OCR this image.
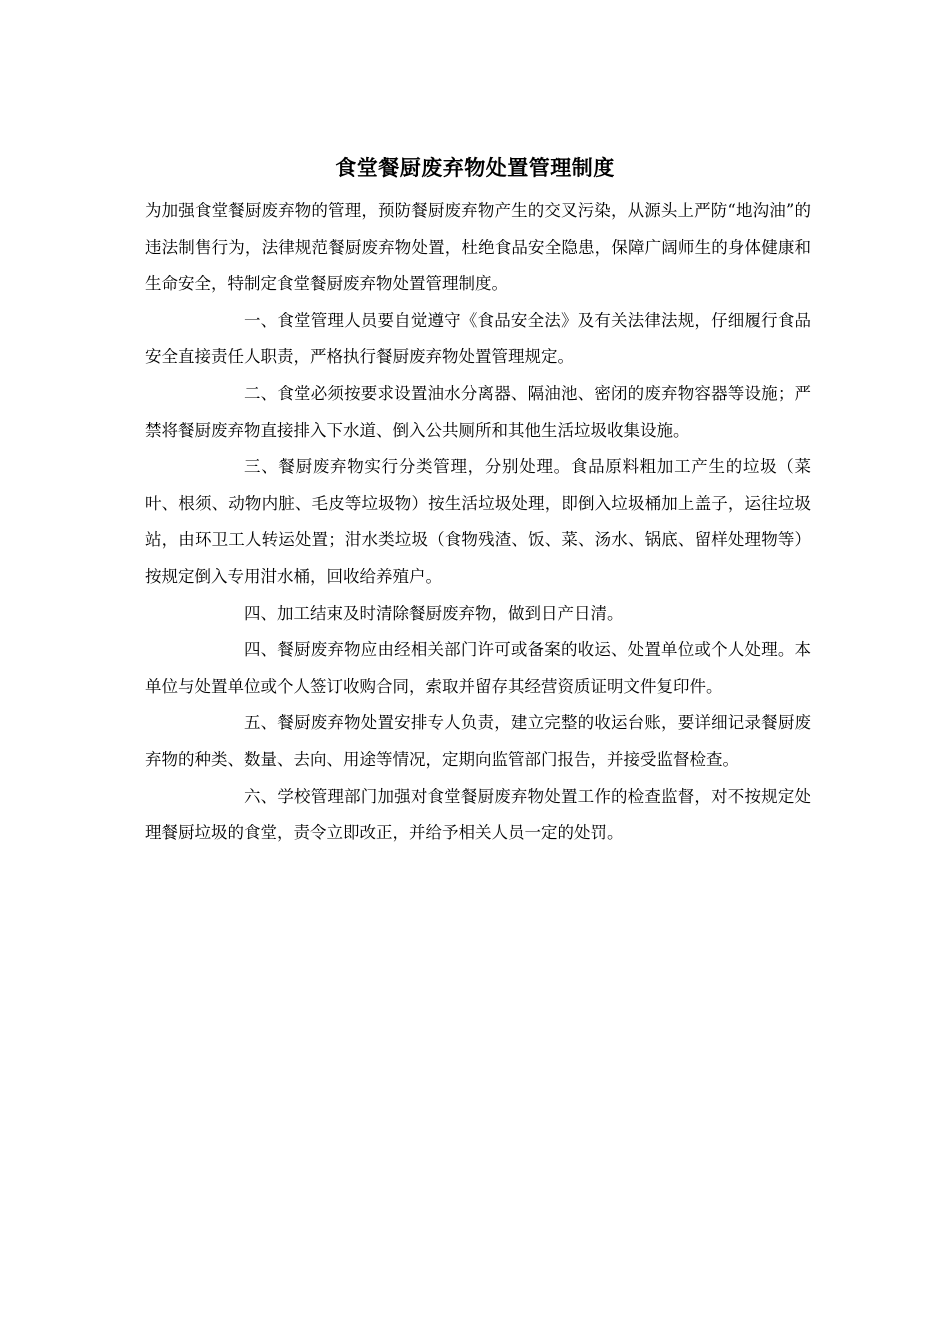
食堂餐厨废弃物处置管理制度

为加强食堂餐厨废弃物的管理，预防餐厨废弃物产生的交叉污染，从源头上严防“地沟油”的违法制售行为，法律规范餐厨废弃物处置，杜绝食品安全隐患，保障广阔师生的身体健康和生命安全，特制定食堂餐厨废弃物处置管理制度。

一、食堂管理人员要自觉遵守《食品安全法》及有关法律法规，仔细履行食品安全直接责任人职责，严格执行餐厨废弃物处置管理规定。

二、食堂必须按要求设置油水分离器、隔油池、密闭的废弃物容器等设施；严禁将餐厨废弃物直接排入下水道、倒入公共厕所和其他生活垃圾收集设施。

三、餐厨废弃物实行分类管理，分别处理。食品原料粗加工产生的垃圾（菜叶、根须、动物内脏、毛皮等垃圾物）按生活垃圾处理，即倒入垃圾桶加上盖子，运往垃圾站，由环卫工人转运处置；泔水类垃圾（食物残渣、饭、菜、汤水、锅底、留样处理物等）按规定倒入专用泔水桶，回收给养殖户。

四、加工结束及时清除餐厨废弃物，做到日产日清。

四、餐厨废弃物应由经相关部门许可或备案的收运、处置单位或个人处理。本单位与处置单位或个人签订收购合同，索取并留存其经营资质证明文件复印件。

五、餐厨废弃物处置安排专人负责，建立完整的收运台账，要详细记录餐厨废弃物的种类、数量、去向、用途等情况，定期向监管部门报告，并接受监督检查。

六、学校管理部门加强对食堂餐厨废弃物处置工作的检查监督，对不按规定处理餐厨垃圾的食堂，责令立即改正，并给予相关人员一定的处罚。
